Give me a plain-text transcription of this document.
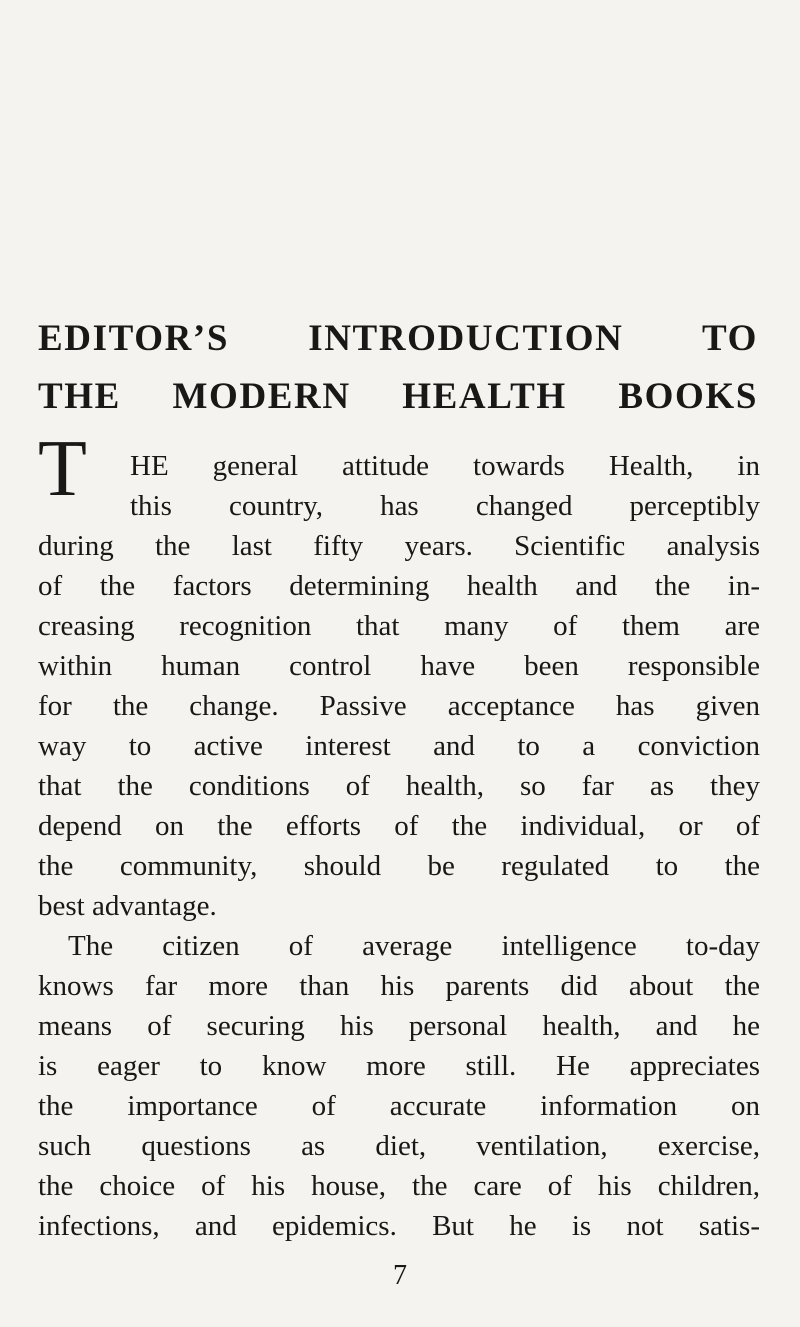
EDITOR’S INTRODUCTION TO
THE MODERN HEALTH BOOKS
T HE general attitude towards Health, in
this country, has changed perceptibly
during the last fifty years. Scientific analysis
of the factors determining health and the in-
creasing recognition that many of them are
within human control have been responsible
for the change. Passive acceptance has given
way to active interest and to a conviction
that the conditions of health, so far as they
depend on the efforts of the individual, or of
the community, should be regulated to the
best advantage.
The citizen of average intelligence to-day
knows far more than his parents did about the
means of securing his personal health, and he
is eager to know more still. He appreciates
the importance of accurate information on
such questions as diet, ventilation, exercise,
the choice of his house, the care of his children,
infections, and epidemics. But he is not satis-
7
